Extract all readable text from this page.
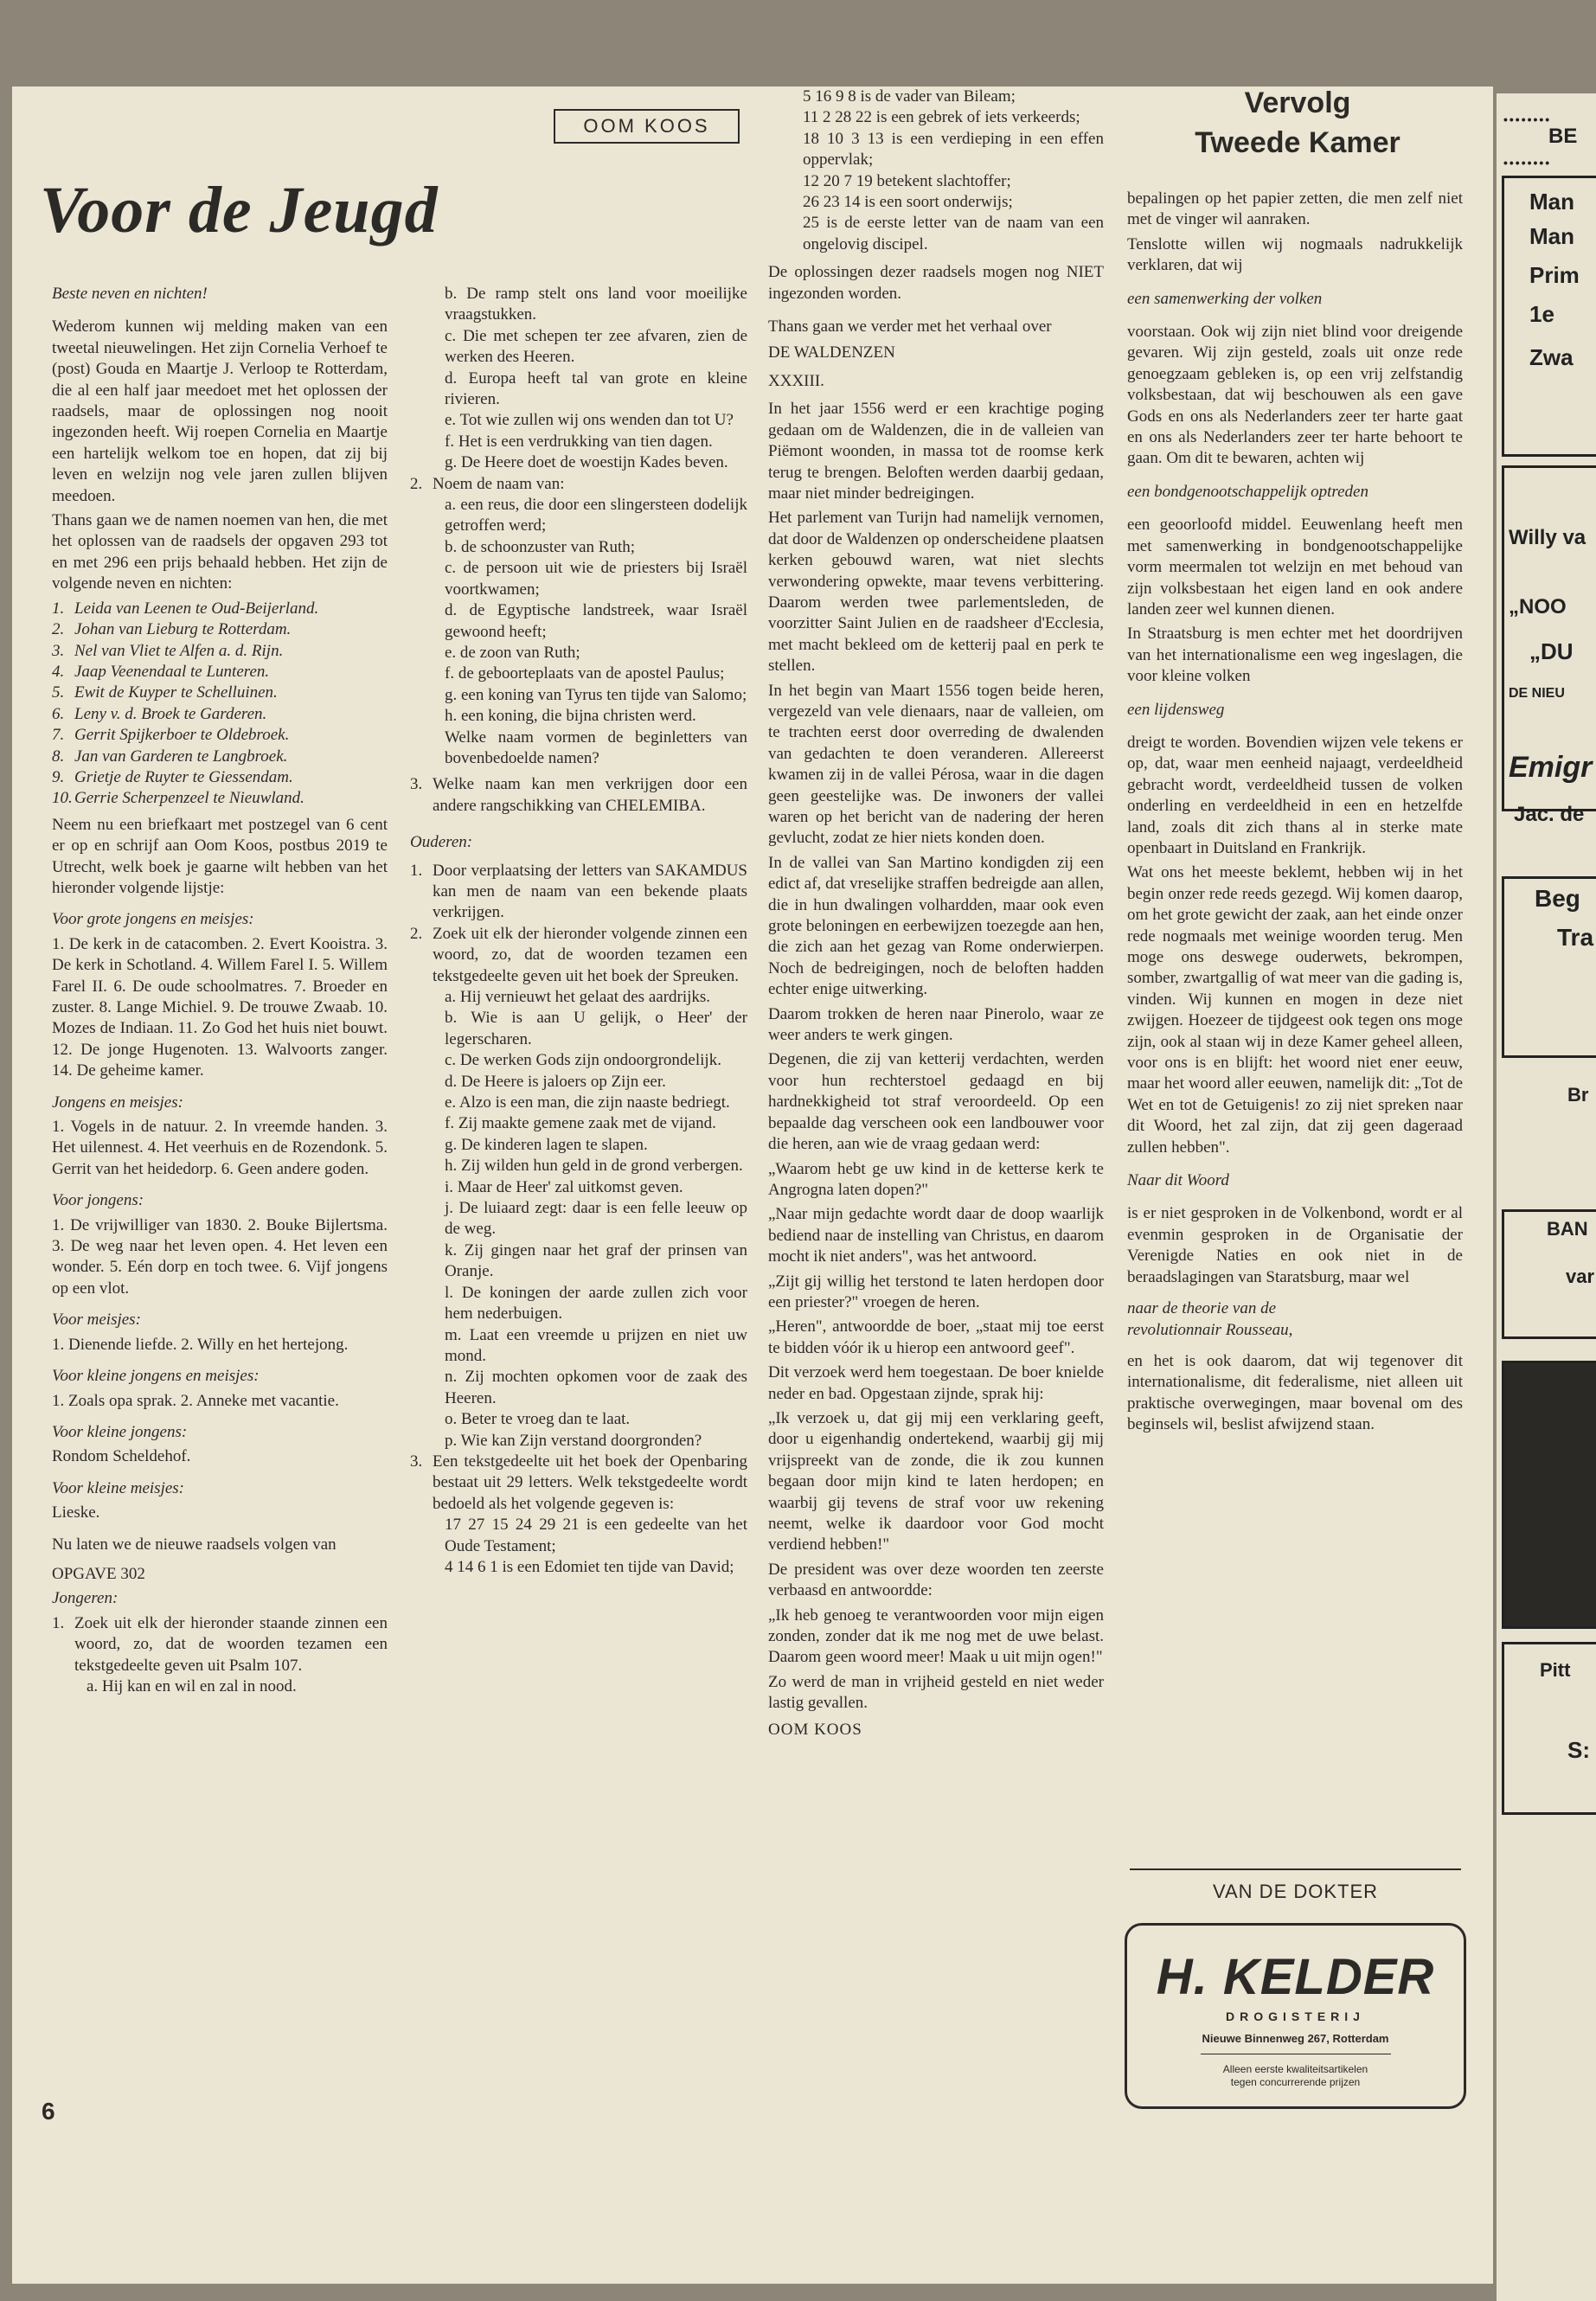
••••••••
BE
••••••••
Man
Man
Prim
1e
Zwa
Willy va
„NOO
„DU
DE NIEU
Emigr
Jac. de
Beg
Tra
Br
BAN
var
Pitt
S:
OOM KOOS
Voor de Jeugd

Beste neven en nichten!

Wederom kunnen wij melding maken van een tweetal nieuwelingen. Het zijn Cornelia Verhoef te (post) Gouda en Maartje J. Verloop te Rotterdam, die al een half jaar meedoet met het oplossen der raadsels, maar de oplossingen nog nooit ingezonden heeft. Wij roepen Cornelia en Maartje een hartelijk welkom toe en hopen, dat zij bij leven en welzijn nog vele jaren zullen blijven meedoen.

Thans gaan we de namen noemen van hen, die met het oplossen van de raadsels der opgaven 293 tot en met 296 een prijs behaald hebben. Het zijn de volgende neven en nichten:

1. Leida van Leenen te Oud-Beijerland.
2. Johan van Lieburg te Rotterdam.
3. Nel van Vliet te Alfen a. d. Rijn.
4. Jaap Veenendaal te Lunteren.
5. Ewit de Kuyper te Schelluinen.
6. Leny v. d. Broek te Garderen.
7. Gerrit Spijkerboer te Oldebroek.
8. Jan van Garderen te Langbroek.
9. Grietje de Ruyter te Giessendam.
10. Gerrie Scherpenzeel te Nieuwland.

Neem nu een briefkaart met postzegel van 6 cent er op en schrijf aan Oom Koos, postbus 2019 te Utrecht, welk boek je gaarne wilt hebben van het hieronder volgende lijstje:

Voor grote jongens en meisjes:

1. De kerk in de catacomben. 2. Evert Kooistra. 3. De kerk in Schotland. 4. Willem Farel I. 5. Willem Farel II. 6. De oude schoolmatres. 7. Broeder en zuster. 8. Lange Michiel. 9. De trouwe Zwaab. 10. Mozes de Indiaan. 11. Zo God het huis niet bouwt. 12. De jonge Hugenoten. 13. Walvoorts zanger. 14. De geheime kamer.

Jongens en meisjes:

1. Vogels in de natuur. 2. In vreemde handen. 3. Het uilennest. 4. Het veerhuis en de Rozendonk. 5. Gerrit van het heidedorp. 6. Geen andere goden.

Voor jongens:

1. De vrijwilliger van 1830. 2. Bouke Bijlertsma. 3. De weg naar het leven open. 4. Het leven een wonder. 5. Eén dorp en toch twee. 6. Vijf jongens op een vlot.

Voor meisjes:

1. Dienende liefde. 2. Willy en het hertejong.

Voor kleine jongens en meisjes:

1. Zoals opa sprak. 2. Anneke met vacantie.

Voor kleine jongens:

Rondom Scheldehof.

Voor kleine meisjes:

Lieske.

Nu laten we de nieuwe raadsels volgen van

OPGAVE 302

Jongeren:

1. Zoek uit elk der hieronder staande zinnen een woord, zo, dat de woorden tezamen een tekstgedeelte geven uit Psalm 107.
a. Hij kan en wil en zal in nood.
b. De ramp stelt ons land voor moeilijke vraagstukken.
c. Die met schepen ter zee afvaren, zien de werken des Heeren.
d. Europa heeft tal van grote en kleine rivieren.
e. Tot wie zullen wij ons wenden dan tot U?
f. Het is een verdrukking van tien dagen.
g. De Heere doet de woestijn Kades beven.
2. Noem de naam van:
a. een reus, die door een slingersteen dodelijk getroffen werd;
b. de schoonzuster van Ruth;
c. de persoon uit wie de priesters bij Israël voortkwamen;
d. de Egyptische landstreek, waar Israël gewoond heeft;
e. de zoon van Ruth;
f. de geboorteplaats van de apostel Paulus;
g. een koning van Tyrus ten tijde van Salomo;
h. een koning, die bijna christen werd.
Welke naam vormen de beginletters van bovenbedoelde namen?
3. Welke naam kan men verkrijgen door een andere rangschikking van CHELEMIBA.

Ouderen:

1. Door verplaatsing der letters van SAKAMDUS kan men de naam van een bekende plaats verkrijgen.
2. Zoek uit elk der hieronder volgende zinnen een woord, zo, dat de woorden tezamen een tekstgedeelte geven uit het boek der Spreuken.
a. Hij vernieuwt het gelaat des aardrijks.
b. Wie is aan U gelijk, o Heer' der legerscharen.
c. De werken Gods zijn ondoorgrondelijk.
d. De Heere is jaloers op Zijn eer.
e. Alzo is een man, die zijn naaste bedriegt.
f. Zij maakte gemene zaak met de vijand.
g. De kinderen lagen te slapen.
h. Zij wilden hun geld in de grond verbergen.
i. Maar de Heer' zal uitkomst geven.
j. De luiaard zegt: daar is een felle leeuw op de weg.
k. Zij gingen naar het graf der prinsen van Oranje.
l. De koningen der aarde zullen zich voor hem nederbuigen.
m. Laat een vreemde u prijzen en niet uw mond.
n. Zij mochten opkomen voor de zaak des Heeren.
o. Beter te vroeg dan te laat.
p. Wie kan Zijn verstand doorgronden?
3. Een tekstgedeelte uit het boek der Openbaring bestaat uit 29 letters. Welk tekstgedeelte wordt bedoeld als het volgende gegeven is:
17 27 15 24 29 21 is een gedeelte van het Oude Testament;
4 14 6 1 is een Edomiet ten tijde van David;
5 16 9 8 is de vader van Bileam;
11 2 28 22 is een gebrek of iets verkeerds;
18 10 3 13 is een verdieping in een effen oppervlak;
12 20 7 19 betekent slachtoffer;
26 23 14 is een soort onderwijs;
25 is de eerste letter van de naam van een ongelovig discipel.

De oplossingen dezer raadsels mogen nog NIET ingezonden worden.

Thans gaan we verder met het verhaal over

DE WALDENZEN

XXXIII.

In het jaar 1556 werd er een krachtige poging gedaan om de Waldenzen, die in de valleien van Piëmont woonden, in massa tot de roomse kerk terug te brengen. Beloften werden daarbij gedaan, maar niet minder bedreigingen.

Het parlement van Turijn had namelijk vernomen, dat door de Waldenzen op onderscheidene plaatsen kerken gebouwd waren, wat niet slechts verwondering opwekte, maar tevens verbittering. Daarom werden twee parlementsleden, de voorzitter Saint Julien en de raadsheer d'Ecclesia, met macht bekleed om de ketterij paal en perk te stellen.

In het begin van Maart 1556 togen beide heren, vergezeld van vele dienaars, naar de valleien, om te trachten eerst door overreding de dwalenden van gedachten te doen veranderen. Allereerst kwamen zij in de vallei Pérosa, waar in die dagen geen geestelijke was. De inwoners der vallei waren op het bericht van de nadering der heren gevlucht, zodat ze hier niets konden doen.

In de vallei van San Martino kondigden zij een edict af, dat vreselijke straffen bedreigde aan allen, die in hun dwalingen volhardden, maar ook even grote beloningen en eerbewijzen toezegde aan hen, die zich aan het gezag van Rome onderwierpen. Noch de bedreigingen, noch de beloften hadden echter enige uitwerking.

Daarom trokken de heren naar Pinerolo, waar ze weer anders te werk gingen.

Degenen, die zij van ketterij verdachten, werden voor hun rechterstoel gedaagd en bij hardnekkigheid tot straf veroordeeld. Op een bepaalde dag verscheen ook een landbouwer voor die heren, aan wie de vraag gedaan werd:

„Waarom hebt ge uw kind in de ketterse kerk te Angrogna laten dopen?"

„Naar mijn gedachte wordt daar de doop waarlijk bediend naar de instelling van Christus, en daarom mocht ik niet anders", was het antwoord.

„Zijt gij willig het terstond te laten herdopen door een priester?" vroegen de heren.

„Heren", antwoordde de boer, „staat mij toe eerst te bidden vóór ik u hierop een antwoord geef".

Dit verzoek werd hem toegestaan. De boer knielde neder en bad. Opgestaan zijnde, sprak hij:

„Ik verzoek u, dat gij mij een verklaring geeft, door u eigenhandig ondertekend, waarbij gij mij vrijspreekt van de zonde, die ik zou kunnen begaan door mijn kind te laten herdopen; en waarbij gij tevens de straf voor uw rekening neemt, welke ik daardoor voor God mocht verdiend hebben!"

De president was over deze woorden ten zeerste verbaasd en antwoordde:

„Ik heb genoeg te verantwoorden voor mijn eigen zonden, zonder dat ik me nog met de uwe belast. Daarom geen woord meer! Maak u uit mijn ogen!"

Zo werd de man in vrijheid gesteld en niet weder lastig gevallen.

OOM KOOS

Vervolg
Tweede Kamer

bepalingen op het papier zetten, die men zelf niet met de vinger wil aanraken.

Tenslotte willen wij nogmaals nadrukkelijk verklaren, dat wij

een samenwerking der volken

voorstaan. Ook wij zijn niet blind voor dreigende gevaren. Wij zijn gesteld, zoals uit onze rede genoegzaam gebleken is, op een vrij zelfstandig volksbestaan, dat wij beschouwen als een gave Gods en ons als Nederlanders zeer ter harte gaat en ons als Nederlanders zeer ter harte behoort te gaan. Om dit te bewaren, achten wij

een bondgenootschappelijk optreden

een geoorloofd middel. Eeuwenlang heeft men met samenwerking in bondgenootschappelijke vorm meermalen tot welzijn en met behoud van zijn volksbestaan het eigen land en ook andere landen zeer wel kunnen dienen.

In Straatsburg is men echter met het doordrijven van het internationalisme een weg ingeslagen, die voor kleine volken

een lijdensweg

dreigt te worden. Bovendien wijzen vele tekens er op, dat, waar men eenheid najaagt, verdeeldheid gebracht wordt, verdeeldheid tussen de volken onderling en verdeeldheid in een en hetzelfde land, zoals dit zich thans al in sterke mate openbaart in Duitsland en Frankrijk.

Wat ons het meeste beklemt, hebben wij in het begin onzer rede reeds gezegd. Wij komen daarop, om het grote gewicht der zaak, aan het einde onzer rede nogmaals met weinige woorden terug. Men moge ons deswege ouderwets, bekrompen, somber, zwartgallig of wat meer van die gading is, vinden. Wij kunnen en mogen in deze niet zwijgen. Hoezeer de tijdgeest ook tegen ons moge zijn, ook al staan wij in deze Kamer geheel alleen, voor ons is en blijft: het woord niet ener eeuw, maar het woord aller eeuwen, namelijk dit: „Tot de Wet en tot de Getuigenis! zo zij niet spreken naar dit Woord, het zal zijn, dat zij geen dageraad zullen hebben".

Naar dit Woord

is er niet gesproken in de Volkenbond, wordt er al evenmin gesproken in de Organisatie der Verenigde Naties en ook niet in de beraadslagingen van Staratsburg, maar wel

naar de theorie van de

revolutionnair Rousseau,

en het is ook daarom, dat wij tegenover dit internationalisme, dit federalisme, niet alleen uit praktische overwegingen, maar bovenal om des beginsels wil, beslist afwijzend staan.

VAN DE DOKTER
H. KELDER
DROGISTERIJ
Nieuwe Binnenweg 267, Rotterdam
Alleen eerste kwaliteitsartikelen
tegen concurrerende prijzen
6
